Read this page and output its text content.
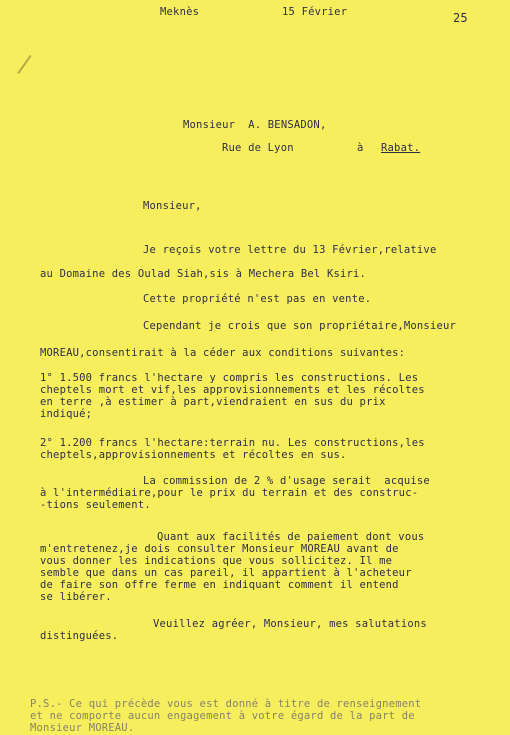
Meknès	15 Février	25
Monsieur  A. BENSADON,
Rue de Lyon	à Rabat.
Monsieur,
Je reçois votre lettre du 13 Février,relative
au Domaine des Oulad Siah,sis à Mechera Bel Ksiri.
Cette propriété n'est pas en vente.
Cependant je crois que son propriétaire,Monsieur
MOREAU,consentirait à la céder aux conditions suivantes:
1° 1.500 francs l'hectare y compris les constructions. Les
cheptels mort et vif,les approvisionnements et les récoltes
en terre ,à estimer à part,viendraient en sus du prix
indiqué;
2° 1.200 francs l'hectare:terrain nu. Les constructions,les
cheptels,approvisionnements et récoltes en sus.
La commission de 2 % d'usage serait  acquise
à l'intermédiaire,pour le prix du terrain et des construc-
-tions seulement.
Quant aux facilités de paiement dont vous
m'entretenez,je dois consulter Monsieur MOREAU avant de
vous donner les indications que vous sollicitez. Il me
semble que dans un cas pareil, il appartient à l'acheteur
de faire son offre ferme en indiquant comment il entend
se libérer.
Veuillez agréer, Monsieur, mes salutations
distinguées.
P.S.- Ce qui précède vous est donné à titre de renseignement
et ne comporte aucun engagement à votre égard de la part de
Monsieur MOREAU.
